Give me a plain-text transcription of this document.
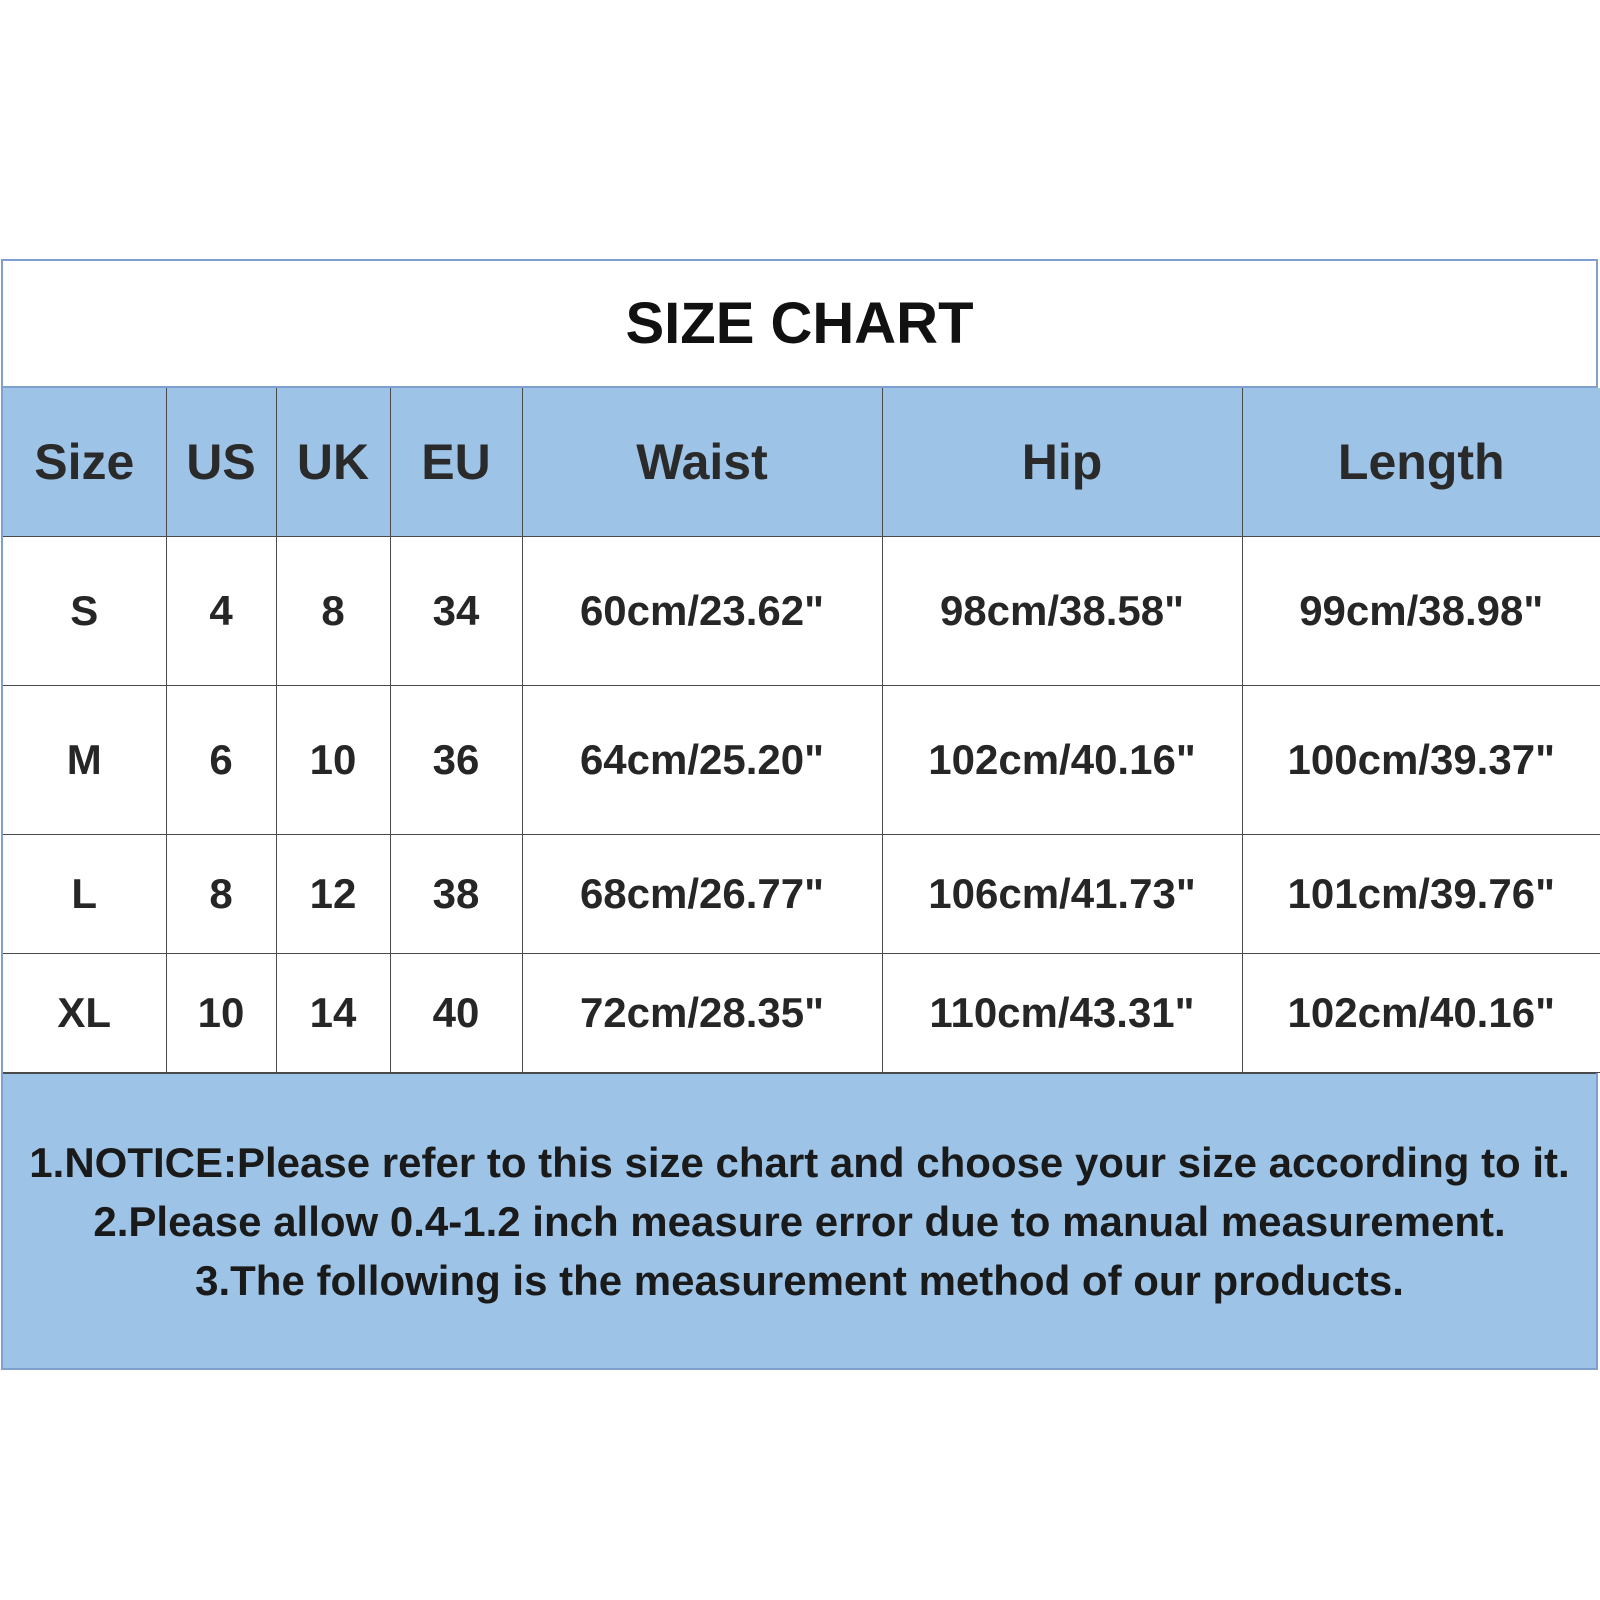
SIZE CHART
Size	US	UK	EU	Waist	Hip	Length
S	4	8	34	60cm/23.62"	98cm/38.58"	99cm/38.98"
M	6	10	36	64cm/25.20"	102cm/40.16"	100cm/39.37"
L	8	12	38	68cm/26.77"	106cm/41.73"	101cm/39.76"
XL	10	14	40	72cm/28.35"	110cm/43.31"	102cm/40.16"
1.NOTICE:Please refer to this size chart and choose your size according to it.
2.Please allow 0.4-1.2 inch measure error due to manual measurement.
3.The following is the measurement method of our products.
